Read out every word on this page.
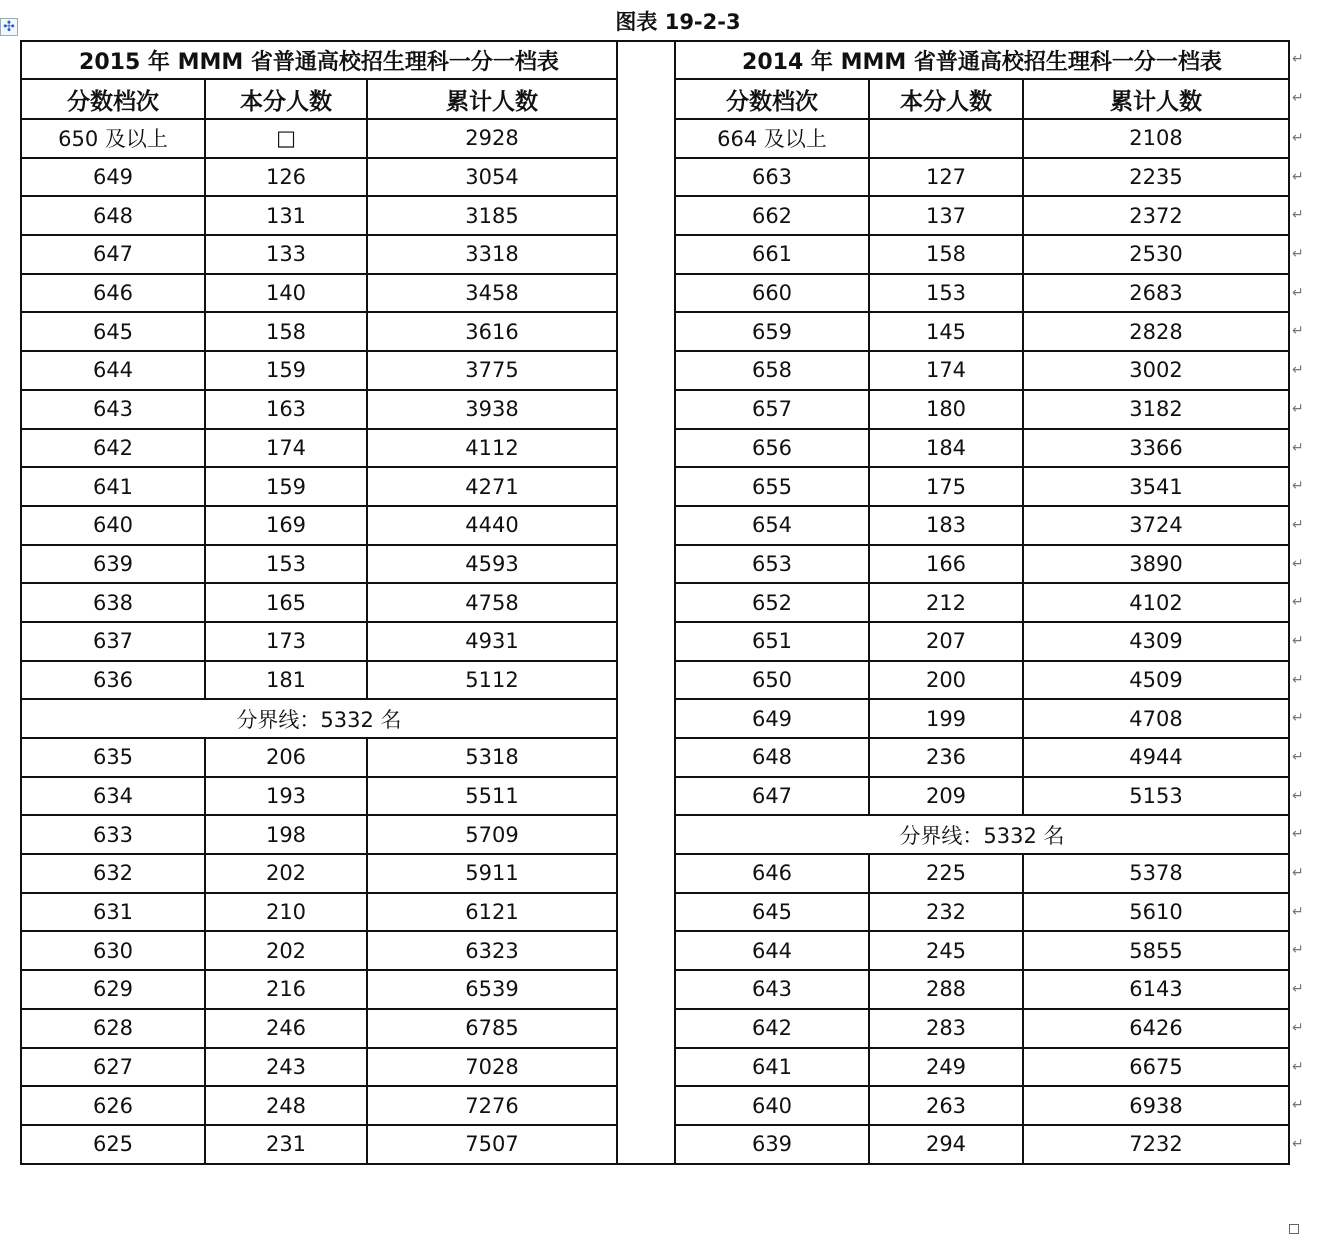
图表 19-2-3
✣
2015 年 MMM 省普通高校招生理科一分一档表				2014 年 MMM 省普通高校招生理科一分一档表		
分数档次	本分人数	累计人数		分数档次	本分人数	累计人数
650 及以上	□	2928		664 及以上		2108
649	126	3054		663	127	2235
648	131	3185		662	137	2372
647	133	3318		661	158	2530
646	140	3458		660	153	2683
645	158	3616		659	145	2828
644	159	3775		658	174	3002
643	163	3938		657	180	3182
642	174	4112		656	184	3366
641	159	4271		655	175	3541
640	169	4440		654	183	3724
639	153	4593		653	166	3890
638	165	4758		652	212	4102
637	173	4931		651	207	4309
636	181	5112		650	200	4509
分界线：5332 名				649	199	4708
635	206	5318		648	236	4944
634	193	5511		647	209	5153
633	198	5709		分界线：5332 名		
632	202	5911		646	225	5378
631	210	6121		645	232	5610
630	202	6323		644	245	5855
629	216	6539		643	288	6143
628	246	6785		642	283	6426
627	243	7028		641	249	6675
626	248	7276		640	263	6938
625	231	7507		639	294	7232
↵
↵
↵
↵
↵
↵
↵
↵
↵
↵
↵
↵
↵
↵
↵
↵
↵
↵
↵
↵
↵
↵
↵
↵
↵
↵
↵
↵
↵
